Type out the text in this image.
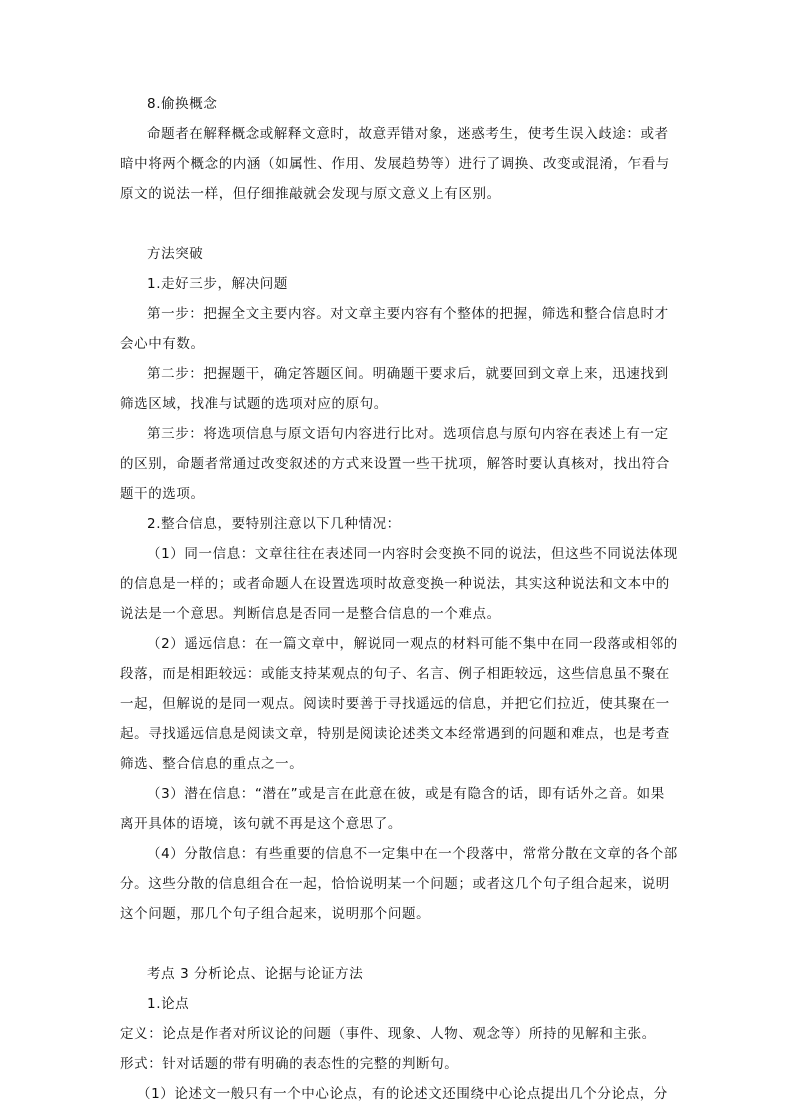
8.偷换概念
命题者在解释概念或解释文意时，故意弄错对象，迷惑考生，使考生误入歧途：或者
暗中将两个概念的内涵（如属性、作用、发展趋势等）进行了调换、改变或混淆，乍看与
原文的说法一样，但仔细推敲就会发现与原文意义上有区别。
方法突破
1.走好三步，解决问题
第一步：把握全文主要内容。对文章主要内容有个整体的把握，筛选和整合信息时才
会心中有数。
第二步：把握题干，确定答题区间。明确题干要求后，就要回到文章上来，迅速找到
筛选区域，找准与试题的选项对应的原句。
第三步：将选项信息与原文语句内容进行比对。选项信息与原句内容在表述上有一定
的区别，命题者常通过改变叙述的方式来设置一些干扰项，解答时要认真核对，找出符合
题干的选项。
2.整合信息，要特别注意以下几种情况：
（1）同一信息：文章往往在表述同一内容时会变换不同的说法，但这些不同说法体现
的信息是一样的；或者命题人在设置选项时故意变换一种说法，其实这种说法和文本中的
说法是一个意思。判断信息是否同一是整合信息的一个难点。
（2）遥远信息：在一篇文章中，解说同一观点的材料可能不集中在同一段落或相邻的
段落，而是相距较远：或能支持某观点的句子、名言、例子相距较远，这些信息虽不聚在
一起，但解说的是同一观点。阅读时要善于寻找遥远的信息，并把它们拉近，使其聚在一
起。寻找遥远信息是阅读文章，特别是阅读论述类文本经常遇到的问题和难点，也是考查
筛选、整合信息的重点之一。
（3）潜在信息：“潜在”或是言在此意在彼，或是有隐含的话，即有话外之音。如果
离开具体的语境，该句就不再是这个意思了。
（4）分散信息：有些重要的信息不一定集中在一个段落中，常常分散在文章的各个部
分。这些分散的信息组合在一起，恰恰说明某一个问题；或者这几个句子组合起来，说明
这个问题，那几个句子组合起来，说明那个问题。
考点 3 分析论点、论据与论证方法
1.论点
定义：论点是作者对所议论的问题（事件、现象、人物、观念等）所持的见解和主张。
形式：针对话题的带有明确的表态性的完整的判断句。
（1）论述文一般只有一个中心论点，有的论述文还围绕中心论点提出几个分论点，分
